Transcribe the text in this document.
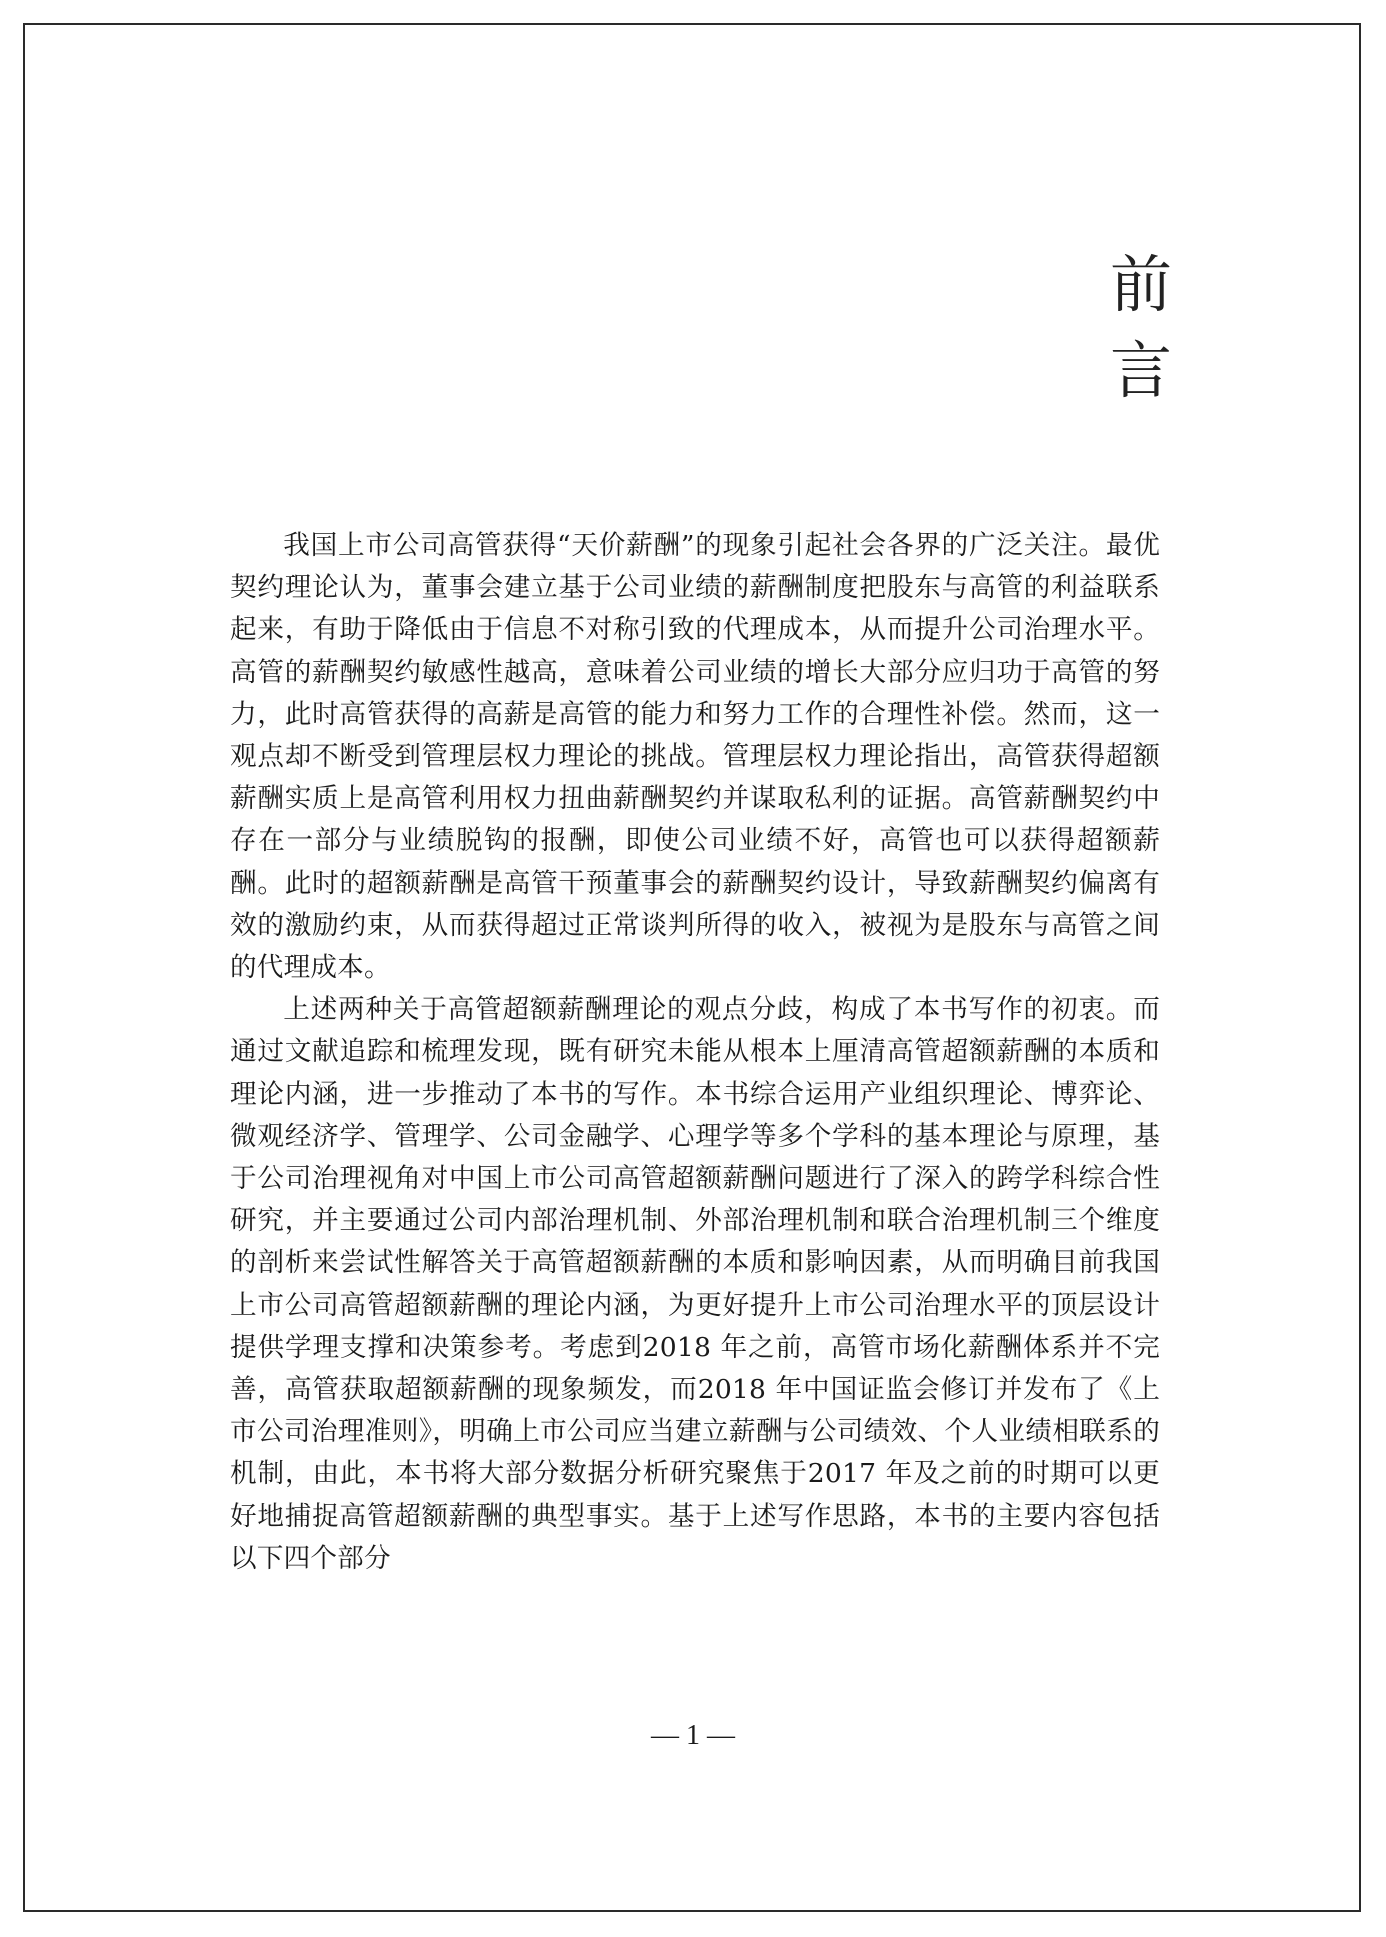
前
言

我国上市公司高管获得“天价薪酬”的现象引起社会各界的广泛关注。最优契约理论认为，董事会建立基于公司业绩的薪酬制度把股东与高管的利益联系起来，有助于降低由于信息不对称引致的代理成本，从而提升公司治理水平。高管的薪酬契约敏感性越高，意味着公司业绩的增长大部分应归功于高管的努力，此时高管获得的高薪是高管的能力和努力工作的合理性补偿。然而，这一观点却不断受到管理层权力理论的挑战。管理层权力理论指出，高管获得超额薪酬实质上是高管利用权力扭曲薪酬契约并谋取私利的证据。高管薪酬契约中存在一部分与业绩脱钩的报酬，即使公司业绩不好，高管也可以获得超额薪酬。此时的超额薪酬是高管干预董事会的薪酬契约设计，导致薪酬契约偏离有效的激励约束，从而获得超过正常谈判所得的收入，被视为是股东与高管之间的代理成本。

上述两种关于高管超额薪酬理论的观点分歧，构成了本书写作的初衷。而通过文献追踪和梳理发现，既有研究未能从根本上厘清高管超额薪酬的本质和理论内涵，进一步推动了本书的写作。本书综合运用产业组织理论、博弈论、微观经济学、管理学、公司金融学、心理学等多个学科的基本理论与原理，基于公司治理视角对中国上市公司高管超额薪酬问题进行了深入的跨学科综合性研究，并主要通过公司内部治理机制、外部治理机制和联合治理机制三个维度的剖析来尝试性解答关于高管超额薪酬的本质和影响因素，从而明确目前我国上市公司高管超额薪酬的理论内涵，为更好提升上市公司治理水平的顶层设计提供学理支撑和决策参考。考虑到2018 年之前，高管市场化薪酬体系并不完善，高管获取超额薪酬的现象频发，而2018 年中国证监会修订并发布了《上市公司治理准则》，明确上市公司应当建立薪酬与公司绩效、个人业绩相联系的机制，由此，本书将大部分数据分析研究聚焦于2017 年及之前的时期可以更好地捕捉高管超额薪酬的典型事实。基于上述写作思路，本书的主要内容包括以下四个部分

— 1 —
